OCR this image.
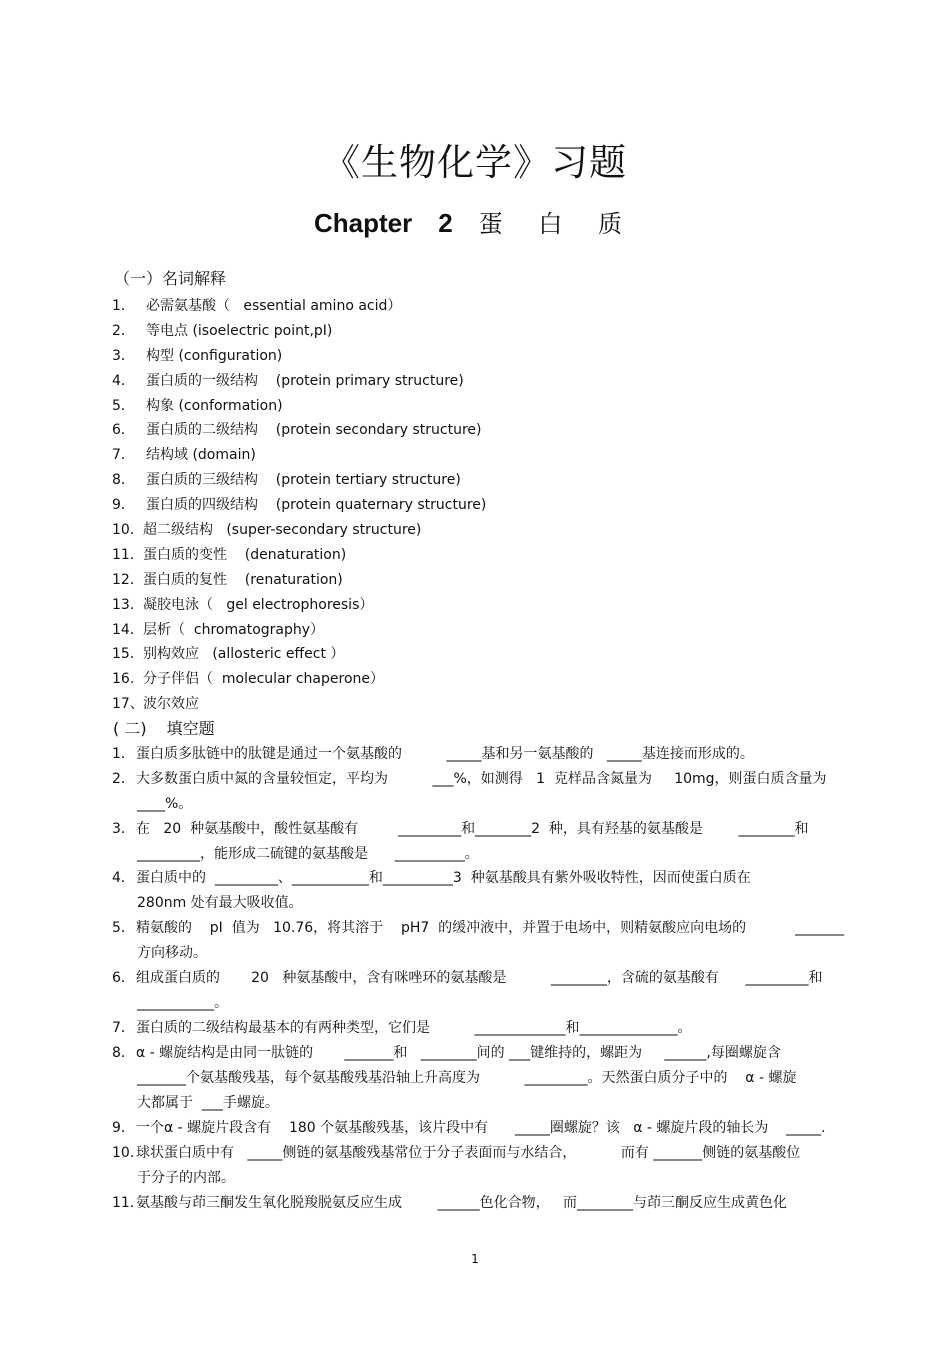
《生物化学》习题
Chapter 2 蛋 白 质
（一）名词解释
1． 必需氨基酸（   essential amino acid）
2． 等电点 (isoelectric point,pI)
3． 构型 (configuration)
4． 蛋白质的一级结构    (protein primary structure)
5． 构象 (conformation)
6． 蛋白质的二级结构    (protein secondary structure)
7． 结构域 (domain)
8． 蛋白质的三级结构    (protein tertiary structure)
9． 蛋白质的四级结构    (protein quaternary structure)
10．超二级结构   (super-secondary structure)
11．蛋白质的变性    (denaturation)
12．蛋白质的复性    (renaturation)
13．凝胶电泳（   gel electrophoresis）
14．层析（  chromatography）
15．别构效应   (allosteric effect ）
16. 分子伴侣（  molecular chaperone）
17、波尔效应
( 二) 填空题
1． 蛋白质多肽链中的肽键是通过一个氨基酸的          _____基和另一氨基酸的   _____基连接而形成的。
2． 大多数蛋白质中氮的含量较恒定，平均为          ___%，如测得   1  克样品含氮量为     10mg，则蛋白质含量为
____%。
3． 在   20  种氨基酸中，酸性氨基酸有         _________和________2  种，具有羟基的氨基酸是        ________和
_________，能形成二硫键的氨基酸是      __________。
4． 蛋白质中的  _________、___________和__________3  种氨基酸具有紫外吸收特性，因而使蛋白质在
280nm 处有最大吸收值。
5． 精氨酸的    pI  值为   10.76，将其溶于    pH7  的缓冲液中，并置于电场中，则精氨酸应向电场的           _______
方向移动。
6． 组成蛋白质的       20   种氨基酸中，含有咪唑环的氨基酸是          ________，含硫的氨基酸有      _________和
___________。
7． 蛋白质的二级结构最基本的有两种类型，它们是          _____________和______________。
8． α - 螺旋结构是由同一肽链的       _______和   ________间的 ___键维持的，螺距为     ______,每圈螺旋含
_______个氨基酸残基，每个氨基酸残基沿轴上升高度为          _________。天然蛋白质分子中的    α - 螺旋
大都属于  ___手螺旋。
9． 一个α - 螺旋片段含有    180 个氨基酸残基，该片段中有      _____圈螺旋？该   α - 螺旋片段的轴长为    _____.
10．
球状蛋白质中有   _____侧链的氨基酸残基常位于分子表面而与水结合，          而有 _______侧链的氨基酸位
于分子的内部。
11．
氨基酸与茚三酮发生氧化脱羧脱氨反应生成        ______色化合物，   而________与茚三酮反应生成黄色化
1
